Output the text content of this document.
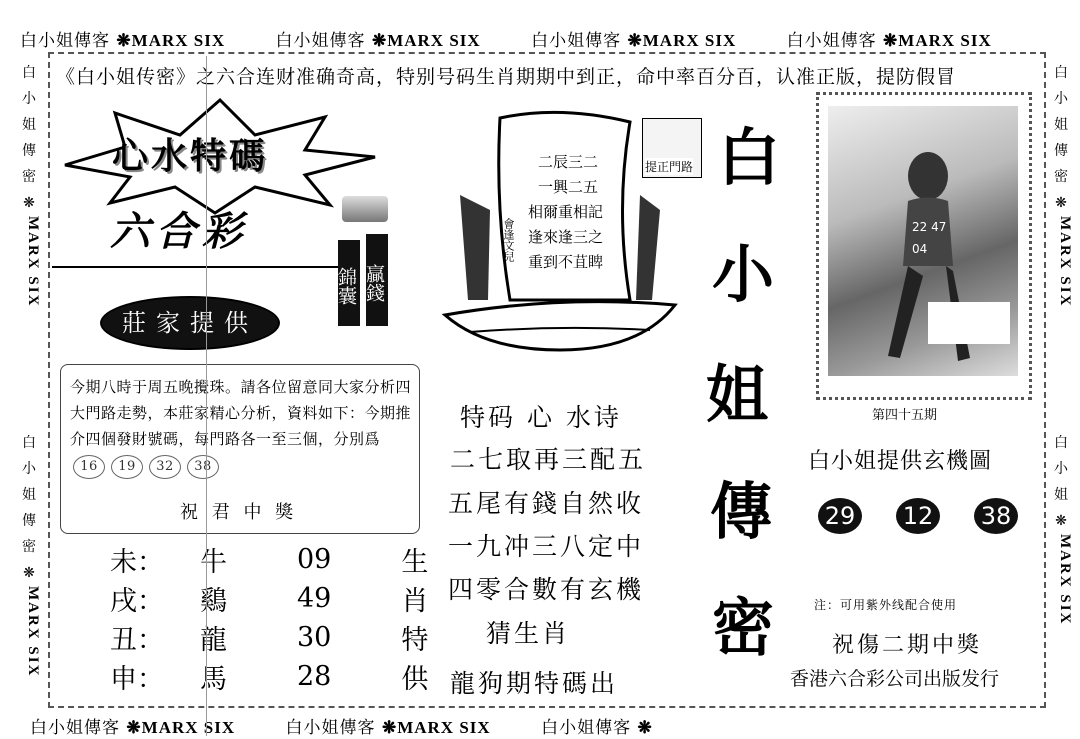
白小姐傳客 ❋MARX SIX	白小姐傳客 ❋MARX SIX	白小姐傳客 ❋MARX SIX	白小姐傳客 ❋MARX SIX
白小姐傳客 ❋MARX SIX	白小姐傳客 ❋MARX SIX	白小姐傳客 ❋
白
小
姐
傳
密
❋
MARX SIX
白
小
姐
傳
密
❋
MARX SIX
白
小
姐
傳
密
❋
MARX SIX
白
小
姐
❋
MARX SIX
《白小姐传密》之六合连财准确奇高，特别号码生肖期期中到正，命中率百分百，认准正版，提防假冒
心水特碼
六合彩
錦囊 贏錢
莊家提供
今期八時于周五晚攪珠。請各位留意同大家分析四大門路走勢，本莊家精心分析，資料如下：今期推介四個發財號碼，每門路各一至三個，分別爲 16 19 32 38
祝 君 中 獎
未：	牛	09	生
戌：	鷄	49	肖
丑：	龍	30	特
申：	馬	28	供
二辰三二
一興二五
相爾重相記
逢來逢三之
重到不苴睥
會逢文兒
提正門路
特码 心 水诗
二七取再三配五
五尾有錢自然收
一九冲三八定中
四零合數有玄機
猜生肖
龍狗期特碼出
白
小
姐
傳
密
22 47 04
第四十五期
白小姐提供玄機圖
29 12 38
注：可用紫外线配合使用
祝傷二期中獎
香港六合彩公司出版发行
